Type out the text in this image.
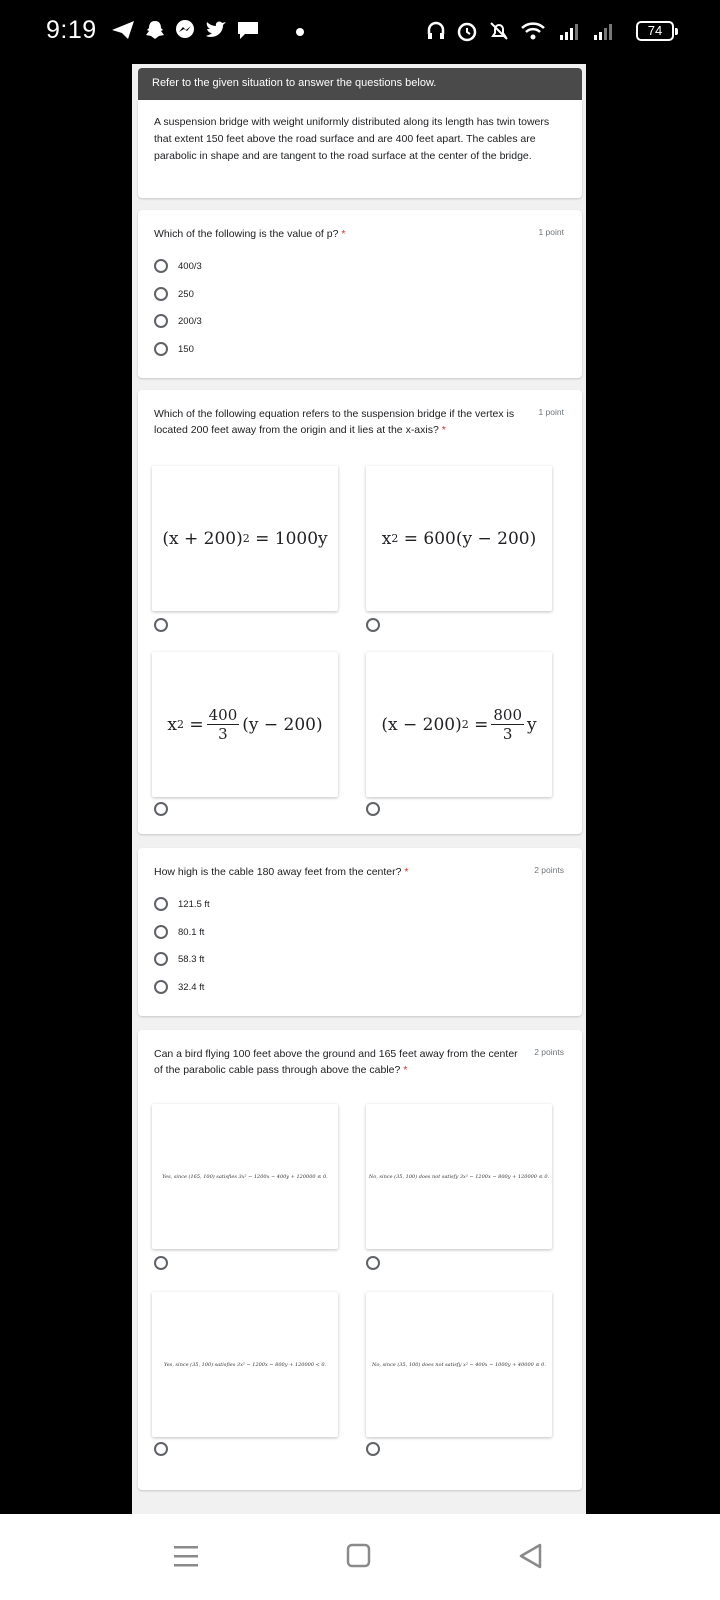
9:19	74
Refer to the given situation to answer the questions below.
A suspension bridge with weight uniformly distributed along its length has twin towers that extent 150 feet above the road surface and are 400 feet apart. The cables are parabolic in shape and are tangent to the road surface at the center of the bridge.
Which of the following is the value of p? *	1 point
400/3
250
200/3
150
Which of the following equation refers to the suspension bridge if the vertex is located 200 feet away from the origin and it lies at the x-axis? *
1 point
(x + 200) 2
= 1000y	x 2
= 600(y − 200)
x 2
= $\frac{400}{3} (y - 200)$	(x − 200) 2
= $\frac{800}{3}$ y
How high is the cable 180 away feet from the center? *	2 points
121.5 ft
80.1 ft
58.3 ft
32.4 ft
Can a bird flying 100 feet above the ground and 165 feet away from the center of the parabolic cable pass through above the cable? *
2 points
Yes, since (165, 100) satisfies 3x² − 1200x − 400y + 120000 ≤ 0.	No, since (35, 100) does not satisfy 3x² − 1200x − 800y + 120000 ≤ 0.
Yes, since (35, 100) satisfies 3x² − 1200x − 800y + 120000 < 0.	No, since (35, 100) does not satisfy x² − 400x − 1000y + 40000 ≤ 0.
